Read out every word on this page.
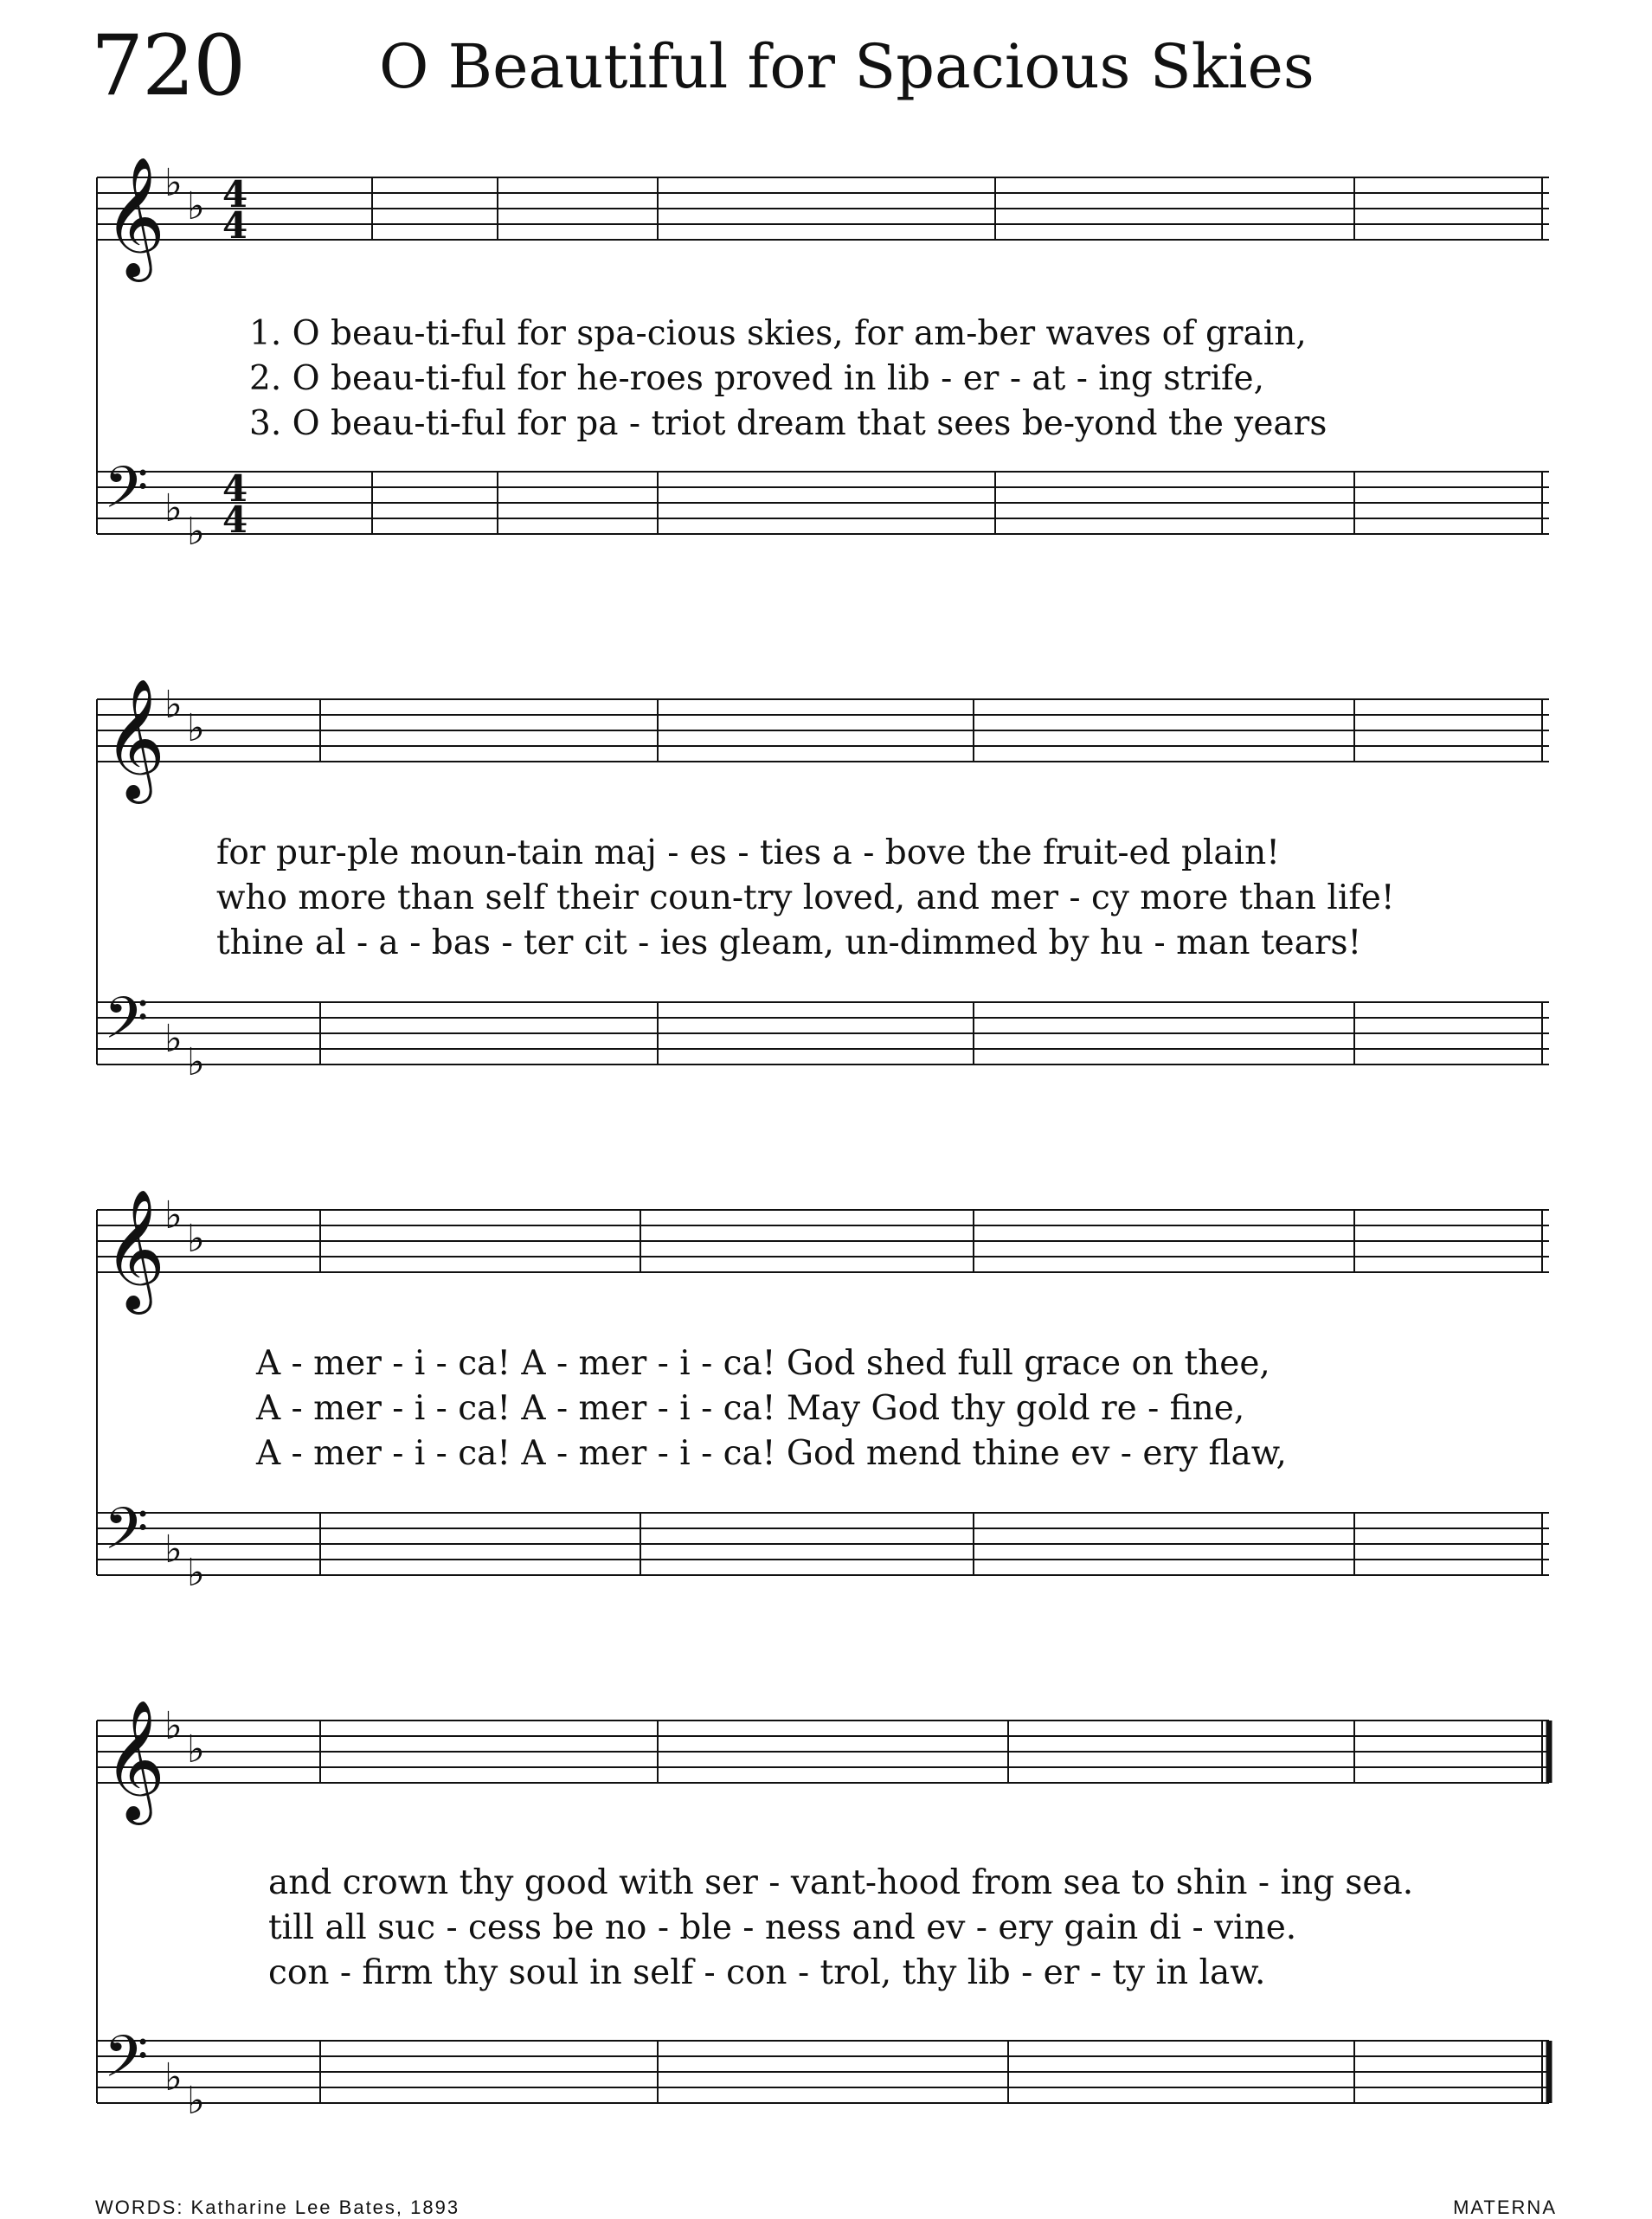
720 O Beautiful for Spacious Skies
𝄞 ♭
♭ 4
4
𝄢 ♭
♭
4
4
1. O beau-ti-ful for spa-cious skies, for am-ber waves of grain,
2. O beau-ti-ful for he-roes proved in lib - er - at - ing strife,
3. O beau-ti-ful for pa - triot dream that sees be-yond the years
𝄞 ♭
♭
𝄢 ♭
♭
for pur-ple moun-tain maj - es - ties a - bove the fruit-ed plain!
who more than self their coun-try loved, and mer - cy more than life!
thine al - a - bas - ter cit - ies gleam, un-dimmed by hu - man tears!
𝄞 ♭
♭
𝄢 ♭
♭
A - mer - i - ca! A - mer - i - ca! God shed full grace on thee,
A - mer - i - ca! A - mer - i - ca! May God thy gold re - fine,
A - mer - i - ca! A - mer - i - ca! God mend thine ev - ery flaw,
𝄞 ♭
♭
𝄢 ♭
♭
and crown thy good with ser - vant-hood from sea to shin - ing sea.
till all suc - cess be no - ble - ness and ev - ery gain di - vine.
con - firm thy soul in self - con - trol, thy lib - er - ty in law.
WORDS: Katharine Lee Bates, 1893	MATERNA
